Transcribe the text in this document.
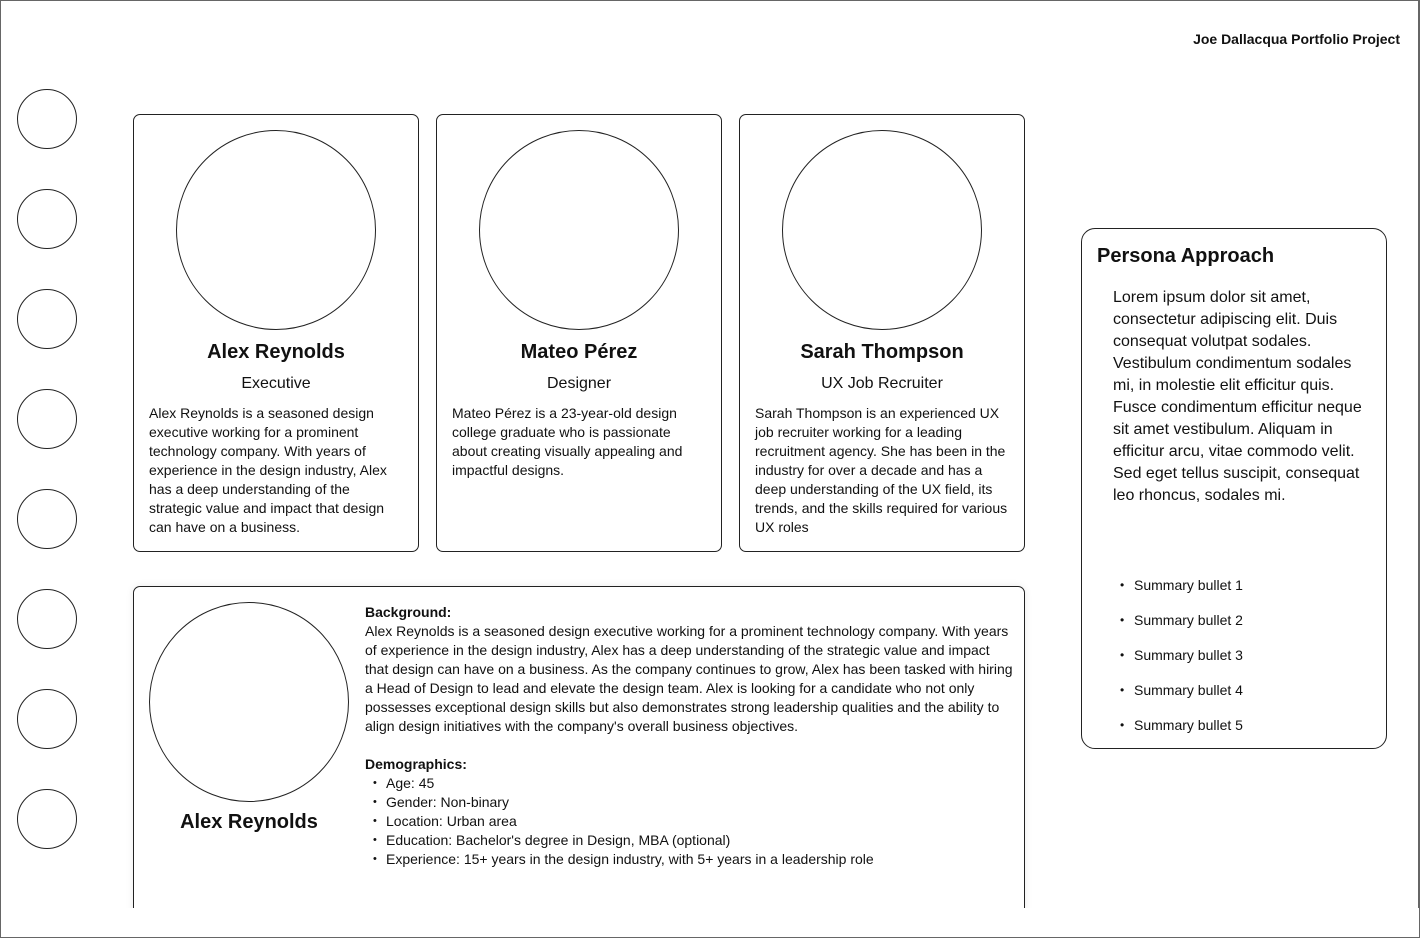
Joe Dallacqua Portfolio Project
Alex Reynolds
Executive
Alex Reynolds is a seasoned design executive working for a prominent technology company. With years of experience in the design industry, Alex has a deep understanding of the strategic value and impact that design can have on a business.
Mateo Pérez
Designer
Mateo Pérez is a 23-year-old design college graduate who is passionate about creating visually appealing and impactful designs.
Sarah Thompson
UX Job Recruiter
Sarah Thompson is an experienced UX job recruiter working for a leading recruitment agency. She has been in the industry for over a decade and has a deep understanding of the UX field, its trends, and the skills required for various UX roles
Persona Approach
Lorem ipsum dolor sit amet, consectetur adipiscing elit. Duis consequat volutpat sodales. Vestibulum condimentum sodales mi, in molestie elit efficitur quis. Fusce condimentum efficitur neque sit amet vestibulum. Aliquam in efficitur arcu, vitae commodo velit. Sed eget tellus suscipit, consequat leo rhoncus, sodales mi.
• Summary bullet 1
• Summary bullet 2
• Summary bullet 3
• Summary bullet 4
• Summary bullet 5
Alex Reynolds
Background:
Alex Reynolds is a seasoned design executive working for a prominent technology company. With years of experience in the design industry, Alex has a deep understanding of the strategic value and impact that design can have on a business. As the company continues to grow, Alex has been tasked with hiring a Head of Design to lead and elevate the design team. Alex is looking for a candidate who not only possesses exceptional design skills but also demonstrates strong leadership qualities and the ability to align design initiatives with the company's overall business objectives.
Demographics:
• Age: 45
• Gender: Non-binary
• Location: Urban area
• Education: Bachelor's degree in Design, MBA (optional)
• Experience: 15+ years in the design industry, with 5+ years in a leadership role
